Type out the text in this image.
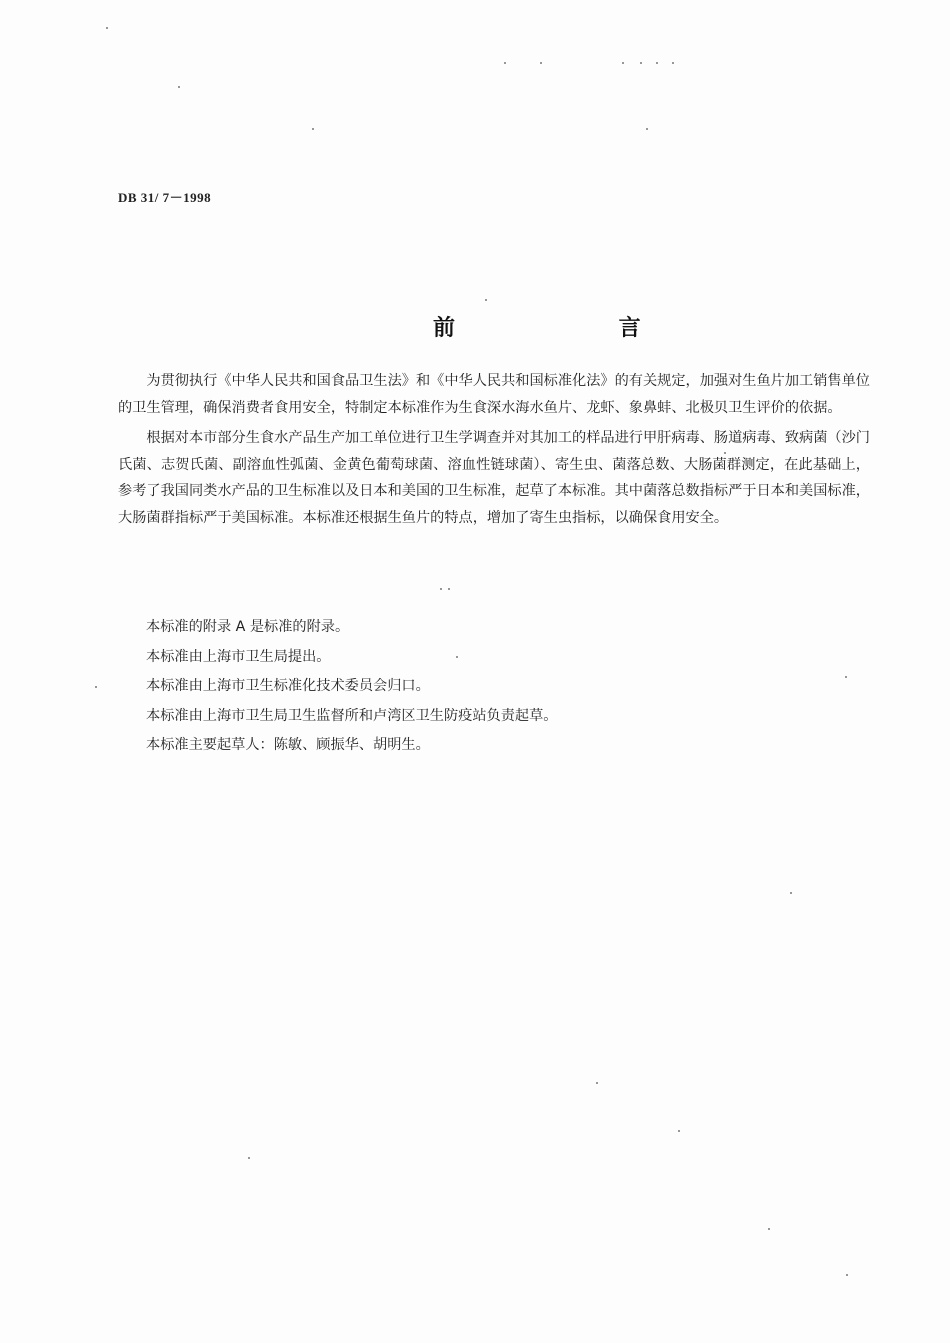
DB 31/ 7－1998
前 言

为贯彻执行《中华人民共和国食品卫生法》和《中华人民共和国标准化法》的有关规定，加强对生鱼片加工销售单位的卫生管理，确保消费者食用安全，特制定本标准作为生食深水海水鱼片、龙虾、象鼻蚌、北极贝卫生评价的依据。

根据对本市部分生食水产品生产加工单位进行卫生学调查并对其加工的样品进行甲肝病毒、肠道病毒、致病菌（沙门氏菌、志贺氏菌、副溶血性弧菌、金黄色葡萄球菌、溶血性链球菌）、寄生虫、菌落总数、大肠菌群测定，在此基础上，参考了我国同类水产品的卫生标准以及日本和美国的卫生标准，起草了本标准。其中菌落总数指标严于日本和美国标准，大肠菌群指标严于美国标准。本标准还根据生鱼片的特点，增加了寄生虫指标，以确保食用安全。

本标准的附录 A 是标准的附录。

本标准由上海市卫生局提出。

本标准由上海市卫生标准化技术委员会归口。

本标准由上海市卫生局卫生监督所和卢湾区卫生防疫站负责起草。

本标准主要起草人：陈敏、顾振华、胡明生。
